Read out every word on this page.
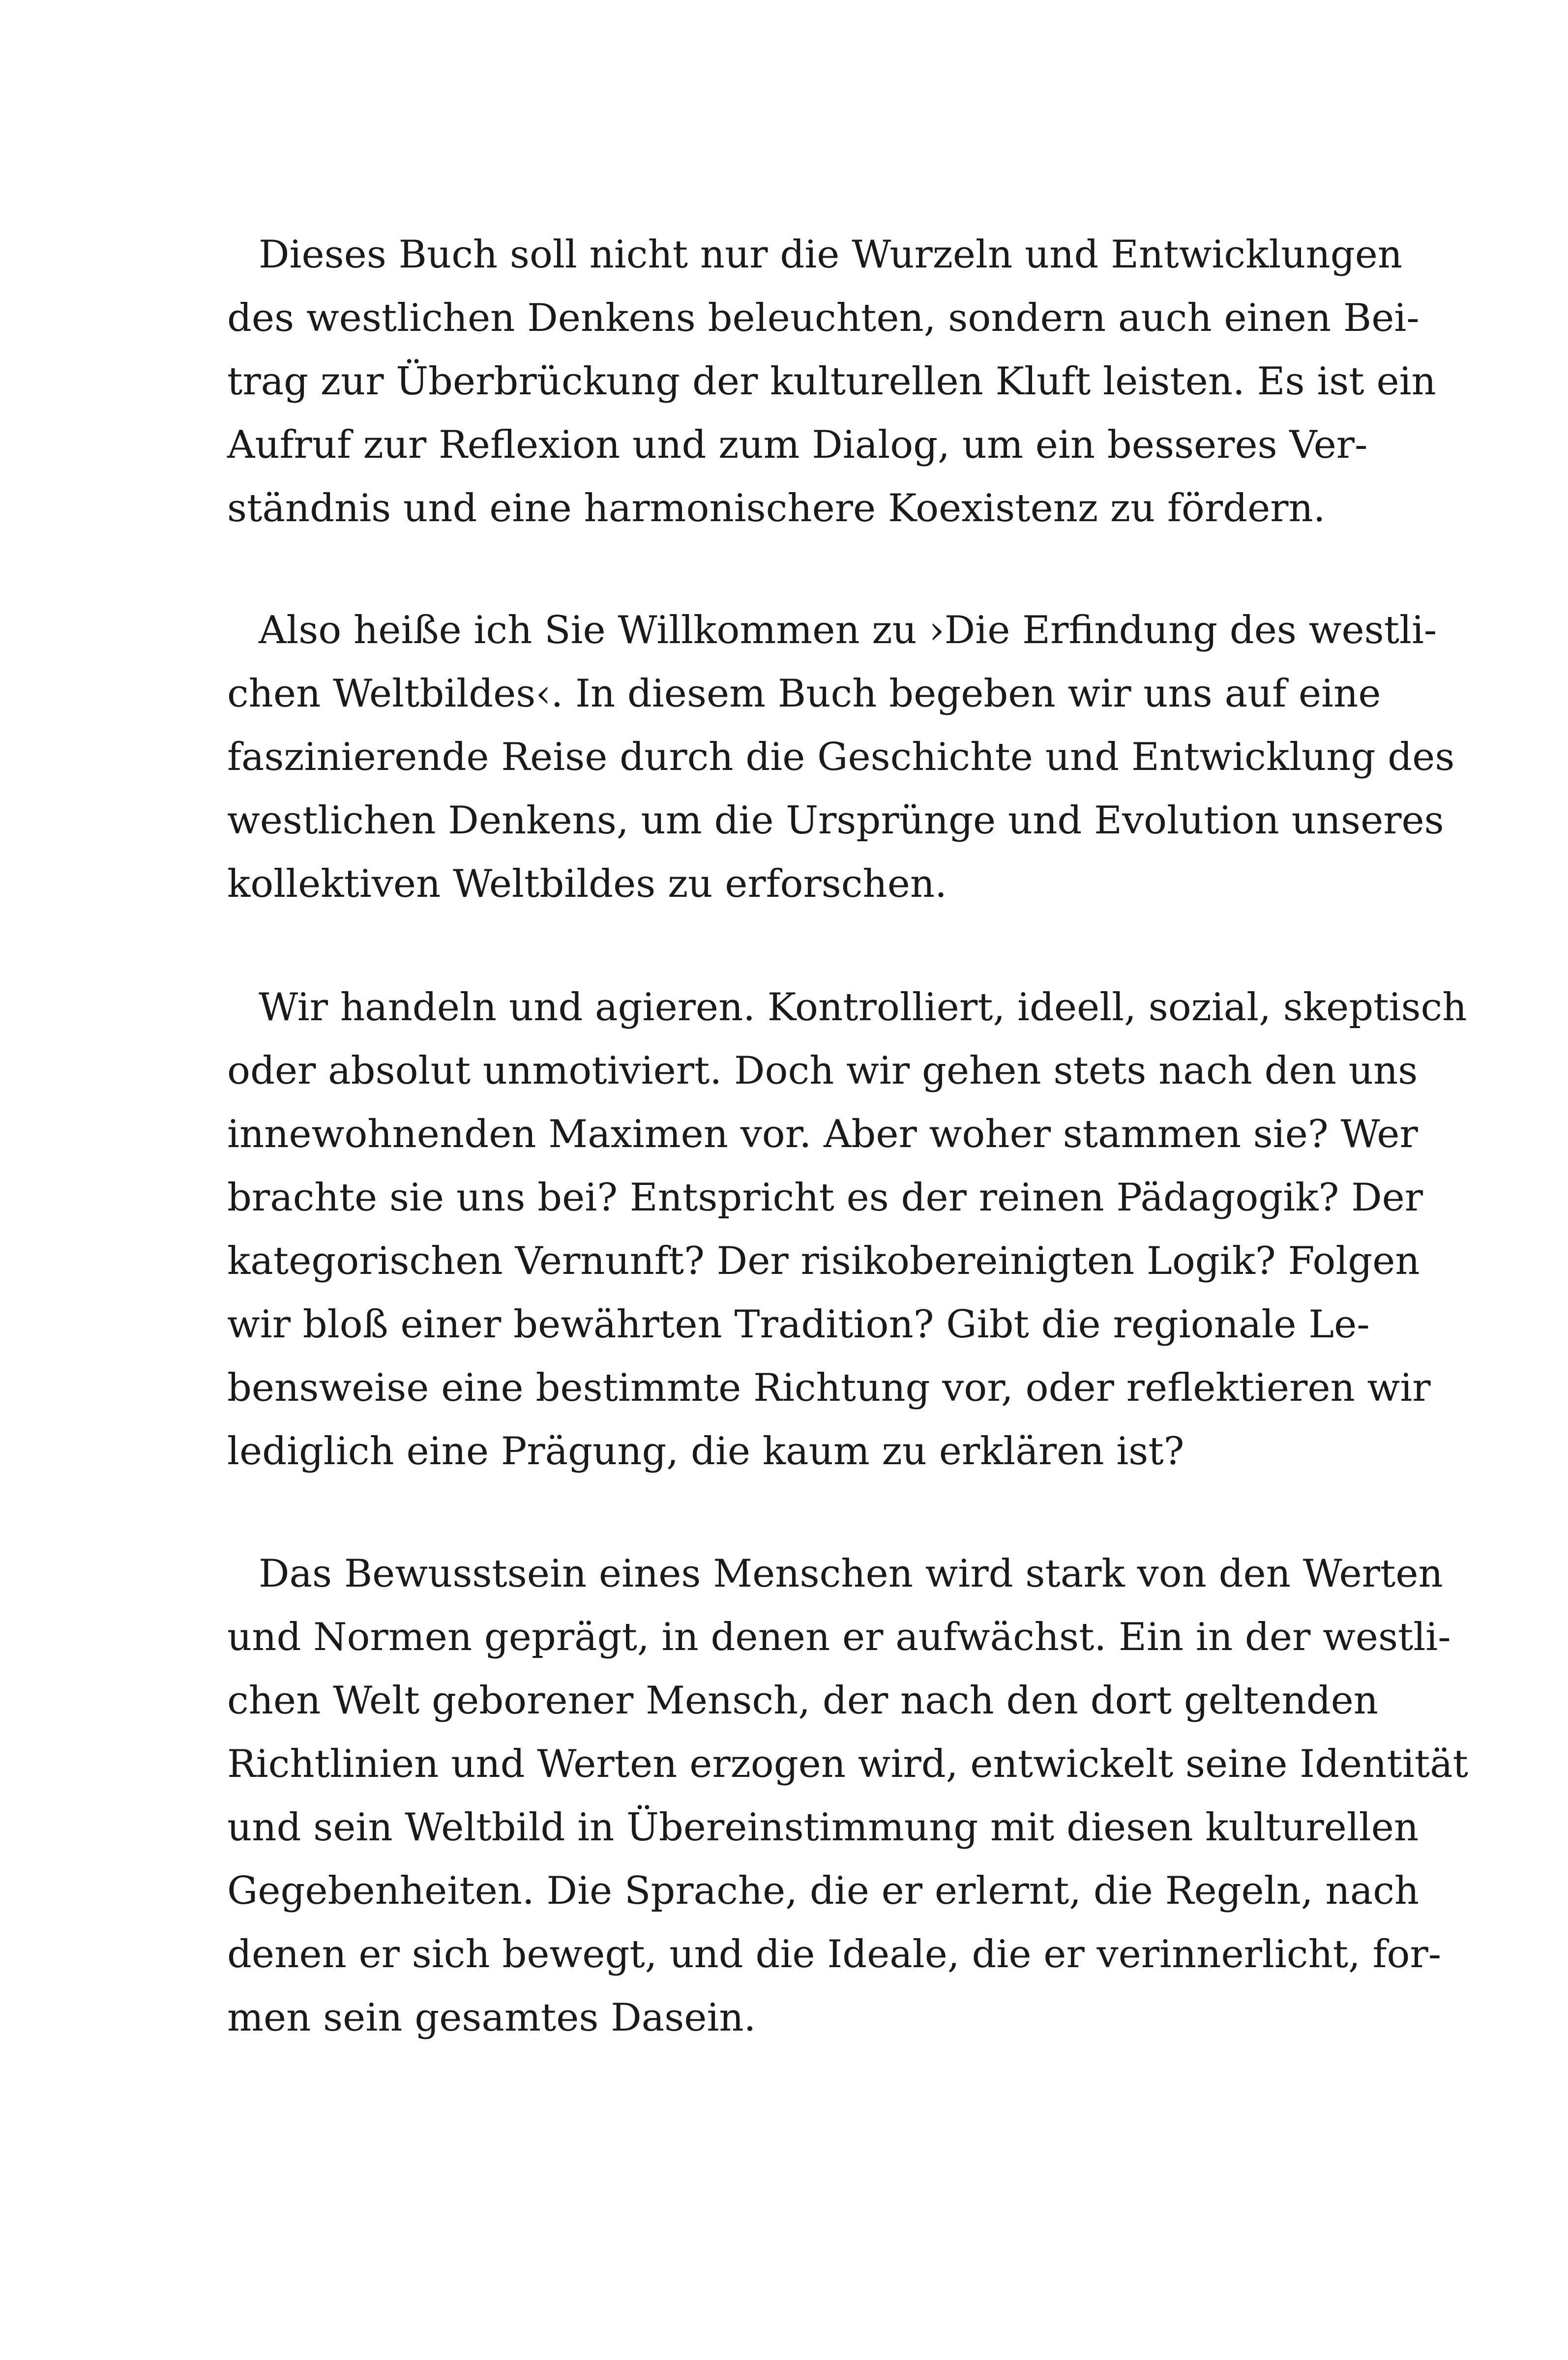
Dieses Buch soll nicht nur die Wurzeln und Entwicklungen
des westlichen Denkens beleuchten, sondern auch einen Bei-
trag zur Überbrückung der kulturellen Kluft leisten. Es ist ein
Aufruf zur Reflexion und zum Dialog, um ein besseres Ver-
ständnis und eine harmonischere Koexistenz zu fördern.
Also heiße ich Sie Willkommen zu ›Die Erfindung des westli-
chen Weltbildes‹. In diesem Buch begeben wir uns auf eine
faszinierende Reise durch die Geschichte und Entwicklung des
westlichen Denkens, um die Ursprünge und Evolution unseres
kollektiven Weltbildes zu erforschen.
Wir handeln und agieren. Kontrolliert, ideell, sozial, skeptisch
oder absolut unmotiviert. Doch wir gehen stets nach den uns
innewohnenden Maximen vor. Aber woher stammen sie? Wer
brachte sie uns bei? Entspricht es der reinen Pädagogik? Der
kategorischen Vernunft? Der risikobereinigten Logik? Folgen
wir bloß einer bewährten Tradition? Gibt die regionale Le-
bensweise eine bestimmte Richtung vor, oder reflektieren wir
lediglich eine Prägung, die kaum zu erklären ist?
Das Bewusstsein eines Menschen wird stark von den Werten
und Normen geprägt, in denen er aufwächst. Ein in der westli-
chen Welt geborener Mensch, der nach den dort geltenden
Richtlinien und Werten erzogen wird, entwickelt seine Identität
und sein Weltbild in Übereinstimmung mit diesen kulturellen
Gegebenheiten. Die Sprache, die er erlernt, die Regeln, nach
denen er sich bewegt, und die Ideale, die er verinnerlicht, for-
men sein gesamtes Dasein.
